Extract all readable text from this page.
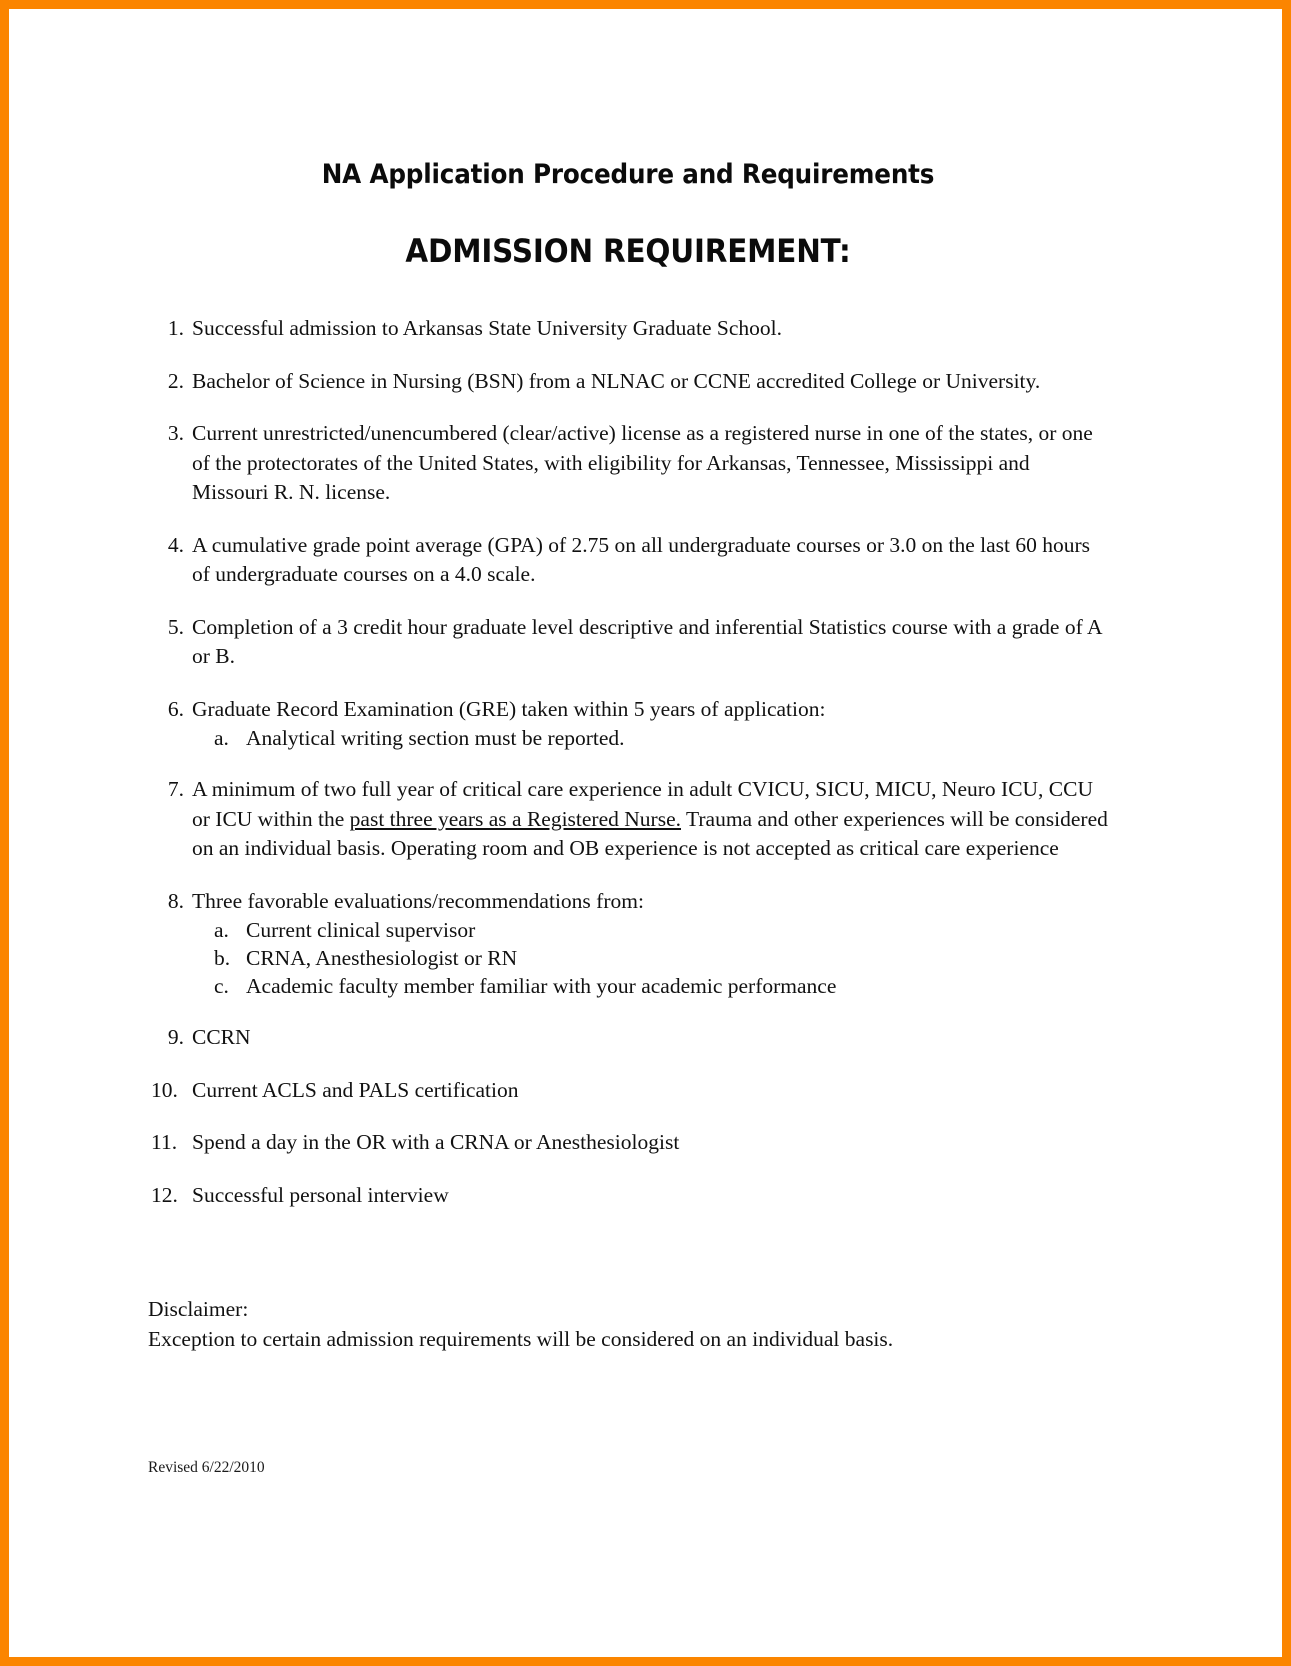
NA Application Procedure and Requirements
ADMISSION REQUIREMENT:
1. Successful admission to Arkansas State University Graduate School.
2. Bachelor of Science in Nursing (BSN) from a NLNAC or CCNE accredited College or University.
3. Current unrestricted/unencumbered (clear/active) license as a registered nurse in one of the states, or one of the protectorates of the United States, with eligibility for Arkansas, Tennessee, Mississippi and Missouri R. N. license.
4. A cumulative grade point average (GPA) of 2.75 on all undergraduate courses or 3.0 on the last 60 hours of undergraduate courses on a 4.0 scale.
5. Completion of a 3 credit hour graduate level descriptive and inferential Statistics course with a grade of A or B.
6. Graduate Record Examination (GRE) taken within 5 years of application:
a. Analytical writing section must be reported.
7. A minimum of two full year of critical care experience in adult CVICU, SICU, MICU, Neuro ICU, CCU or ICU within the past three years as a Registered Nurse. Trauma and other experiences will be considered on an individual basis. Operating room and OB experience is not accepted as critical care experience
8. Three favorable evaluations/recommendations from:
a. Current clinical supervisor
b. CRNA, Anesthesiologist or RN
c. Academic faculty member familiar with your academic performance
9. CCRN
10. Current ACLS and PALS certification
11. Spend a day in the OR with a CRNA or Anesthesiologist
12. Successful personal interview
Disclaimer:
Exception to certain admission requirements will be considered on an individual basis.
Revised 6/22/2010
